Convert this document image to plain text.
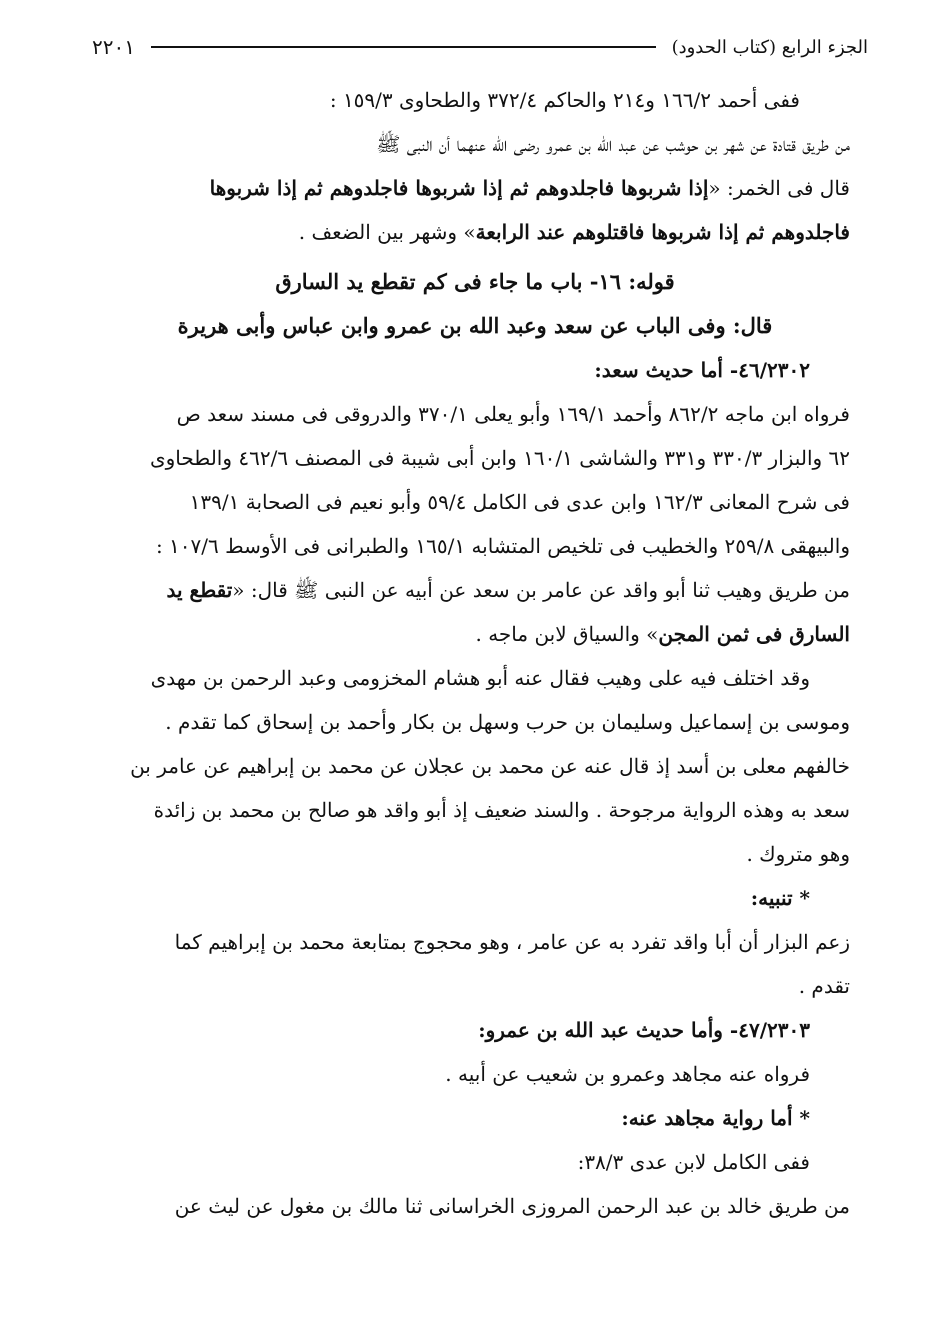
الجزء الرابع (كتاب الحدود)
٢٢٠١

ففى أحمد ١٦٦/٢ و٢١٤ والحاكم ٣٧٢/٤ والطحاوى ١٥٩/٣ :

من طريق قتادة عن شهر بن حوشب عن عبد الله بن عمرو رضى الله عنهما أن النبى ﷺ

قال فى الخمر: «إذا شربوها فاجلدوهم ثم إذا شربوها فاجلدوهم ثم إذا شربوها

فاجلدوهم ثم إذا شربوها فاقتلوهم عند الرابعة» وشهر بين الضعف .

قوله: ١٦- باب ما جاء فى كم تقطع يد السارق

قال: وفى الباب عن سعد وعبد الله بن عمرو وابن عباس وأبى هريرة

٤٦/٢٣٠٢- أما حديث سعد:

فرواه ابن ماجه ٨٦٢/٢ وأحمد ١٦٩/١ وأبو يعلى ٣٧٠/١ والدروقى فى مسند سعد ص

٦٢ والبزار ٣٣٠/٣ و٣٣١ والشاشى ١٦٠/١ وابن أبى شيبة فى المصنف ٤٦٢/٦ والطحاوى

فى شرح المعانى ١٦٢/٣ وابن عدى فى الكامل ٥٩/٤ وأبو نعيم فى الصحابة ١٣٩/١

والبيهقى ٢٥٩/٨ والخطيب فى تلخيص المتشابه ١٦٥/١ والطبرانى فى الأوسط ١٠٧/٦ :

من طريق وهيب ثنا أبو واقد عن عامر بن سعد عن أبيه عن النبى ﷺ قال: «تقطع يد

السارق فى ثمن المجن» والسياق لابن ماجه .

وقد اختلف فيه على وهيب فقال عنه أبو هشام المخزومى وعبد الرحمن بن مهدى

وموسى بن إسماعيل وسليمان بن حرب وسهل بن بكار وأحمد بن إسحاق كما تقدم .

خالفهم معلى بن أسد إذ قال عنه عن محمد بن عجلان عن محمد بن إبراهيم عن عامر بن

سعد به وهذه الرواية مرجوحة . والسند ضعيف إذ أبو واقد هو صالح بن محمد بن زائدة

وهو متروك .

* تنبيه:

زعم البزار أن أبا واقد تفرد به عن عامر ، وهو محجوج بمتابعة محمد بن إبراهيم كما

تقدم .

٤٧/٢٣٠٣- وأما حديث عبد الله بن عمرو:

فرواه عنه مجاهد وعمرو بن شعيب عن أبيه .

* أما رواية مجاهد عنه:

ففى الكامل لابن عدى ٣٨/٣:

من طريق خالد بن عبد الرحمن المروزى الخراسانى ثنا مالك بن مغول عن ليث عن
